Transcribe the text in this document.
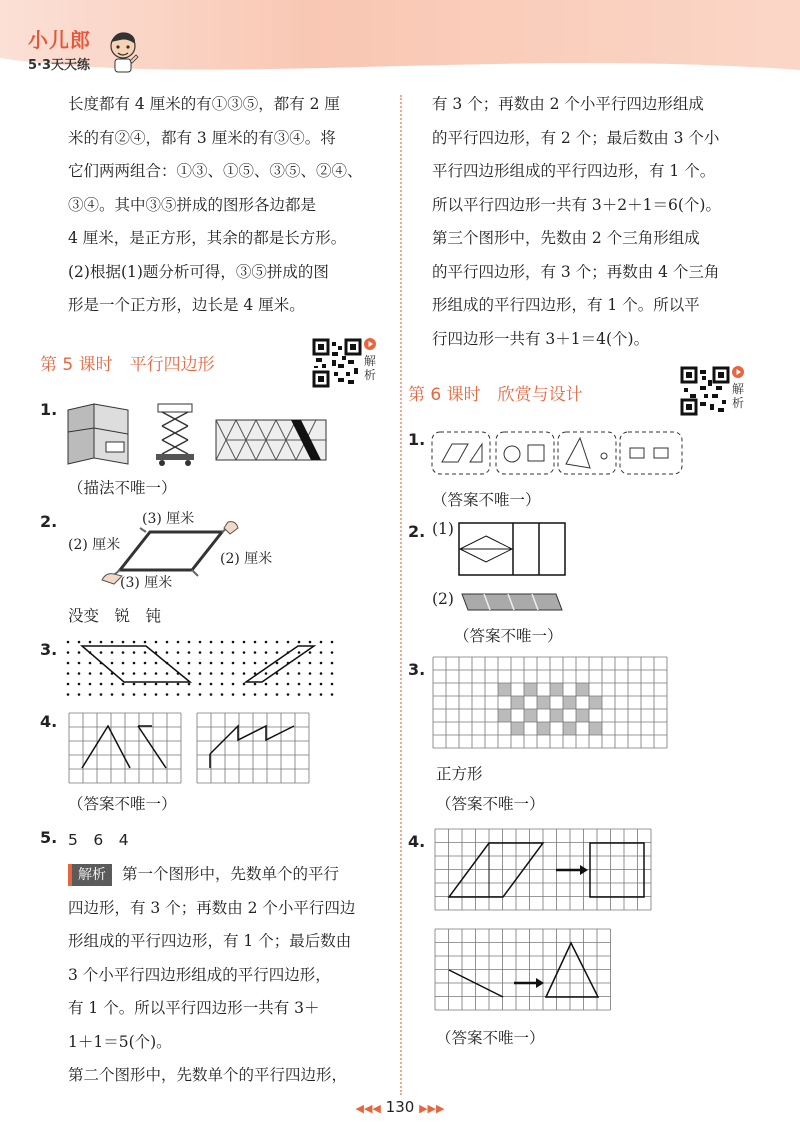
小儿郎
5·3天天练

长度都有 4 厘米的有①③⑤，都有 2 厘

米的有②④，都有 3 厘米的有③④。将

它们两两组合：①③、①⑤、③⑤、②④、

③④。其中③⑤拼成的图形各边都是

4 厘米，是正方形，其余的都是长方形。

(2)根据(1)题分析可得，③⑤拼成的图

形是一个正方形，边长是 4 厘米。

第 5 课时　平行四边形	解析
1.
（描法不唯一）
2.	(3) 厘米
(2) 厘米
(2) 厘米
(3) 厘米
没变　锐　钝
3.
4.
（答案不唯一）
5. 5　6　4

解析 第一个图形中，先数单个的平行

四边形，有 3 个；再数由 2 个小平行四边

形组成的平行四边形，有 1 个；最后数由

3 个小平行四边形组成的平行四边形，

有 1 个。所以平行四边形一共有 3＋

1＋1＝5(个)。

第二个图形中，先数单个的平行四边形，

有 3 个；再数由 2 个小平行四边形组成

的平行四边形，有 2 个；最后数由 3 个小

平行四边形组成的平行四边形，有 1 个。

所以平行四边形一共有 3＋2＋1＝6(个)。

第三个图形中，先数由 2 个三角形组成

的平行四边形，有 3 个；再数由 4 个三角

形组成的平行四边形，有 1 个。所以平

行四边形一共有 3＋1＝4(个)。

第 6 课时　欣赏与设计	解析
1.
（答案不唯一）
2. (1)
(2)
（答案不唯一）
3.
正方形
（答案不唯一）
4.
（答案不唯一）
◀◀◀ 130 ▶▶▶
